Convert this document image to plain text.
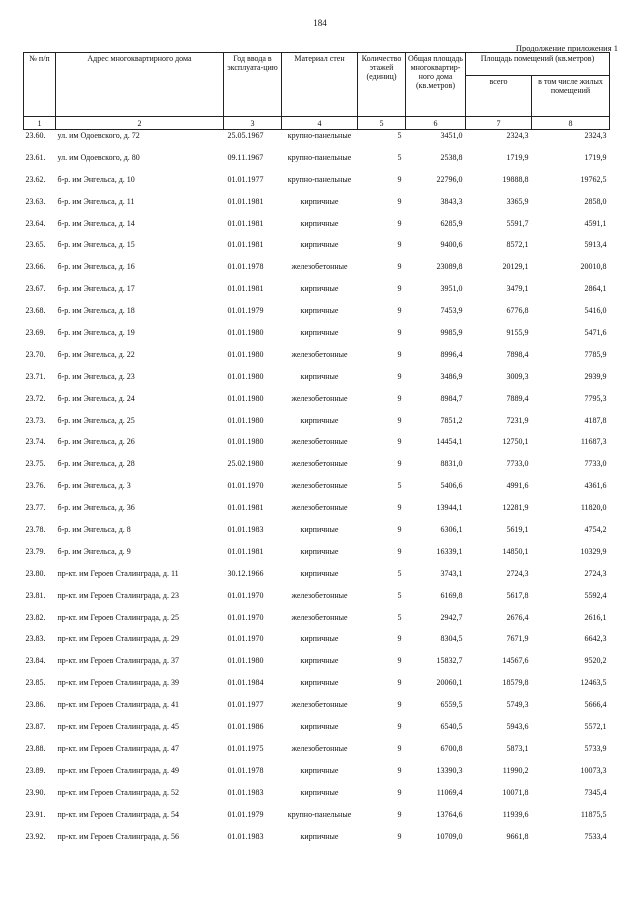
184
Продолжение приложения 1
№ п/п	Адрес многоквартирного дома	Год ввода в эксплуата-цию	Материал стен	Количество этажей (единиц)	Общая площадь многоквартир-ного дома (кв.метров)	Площадь помещений (кв.метров)	
						всего	в том числе жилых помещений
1	2	3	4	5	6	7	8
23.60.	ул. им Одоевского, д. 72	25.05.1967	крупно-панельные	5	3451,0	2324,3	2324,3
23.61.	ул. им Одоевского, д. 80	09.11.1967	крупно-панельные	5	2538,8	1719,9	1719,9
23.62.	б-р. им Энгельса, д. 10	01.01.1977	крупно-панельные	9	22796,0	19888,8	19762,5
23.63.	б-р. им Энгельса, д. 11	01.01.1981	кирпичные	9	3843,3	3365,9	2858,0
23.64.	б-р. им Энгельса, д. 14	01.01.1981	кирпичные	9	6285,9	5591,7	4591,1
23.65.	б-р. им Энгельса, д. 15	01.01.1981	кирпичные	9	9400,6	8572,1	5913,4
23.66.	б-р. им Энгельса, д. 16	01.01.1978	железобетонные	9	23089,8	20129,1	20010,8
23.67.	б-р. им Энгельса, д. 17	01.01.1981	кирпичные	9	3951,0	3479,1	2864,1
23.68.	б-р. им Энгельса, д. 18	01.01.1979	кирпичные	9	7453,9	6776,8	5416,0
23.69.	б-р. им Энгельса, д. 19	01.01.1980	кирпичные	9	9985,9	9155,9	5471,6
23.70.	б-р. им Энгельса, д. 22	01.01.1980	железобетонные	9	8996,4	7898,4	7785,9
23.71.	б-р. им Энгельса, д. 23	01.01.1980	кирпичные	9	3486,9	3009,3	2939,9
23.72.	б-р. им Энгельса, д. 24	01.01.1980	железобетонные	9	8984,7	7889,4	7795,3
23.73.	б-р. им Энгельса, д. 25	01.01.1980	кирпичные	9	7851,2	7231,9	4187,8
23.74.	б-р. им Энгельса, д. 26	01.01.1980	железобетонные	9	14454,1	12750,1	11687,3
23.75.	б-р. им Энгельса, д. 28	25.02.1980	железобетонные	9	8831,0	7733,0	7733,0
23.76.	б-р. им Энгельса, д. 3	01.01.1970	железобетонные	5	5406,6	4991,6	4361,6
23.77.	б-р. им Энгельса, д. 36	01.01.1981	железобетонные	9	13944,1	12281,9	11820,0
23.78.	б-р. им Энгельса, д. 8	01.01.1983	кирпичные	9	6306,1	5619,1	4754,2
23.79.	б-р. им Энгельса, д. 9	01.01.1981	кирпичные	9	16339,1	14850,1	10329,9
23.80.	пр-кт. им Героев Сталинграда, д. 11	30.12.1966	кирпичные	5	3743,1	2724,3	2724,3
23.81.	пр-кт. им Героев Сталинграда, д. 23	01.01.1970	железобетонные	5	6169,8	5617,8	5592,4
23.82.	пр-кт. им Героев Сталинграда, д. 25	01.01.1970	железобетонные	5	2942,7	2676,4	2616,1
23.83.	пр-кт. им Героев Сталинграда, д. 29	01.01.1970	кирпичные	9	8304,5	7671,9	6642,3
23.84.	пр-кт. им Героев Сталинграда, д. 37	01.01.1980	кирпичные	9	15832,7	14567,6	9520,2
23.85.	пр-кт. им Героев Сталинграда, д. 39	01.01.1984	кирпичные	9	20060,1	18579,8	12463,5
23.86.	пр-кт. им Героев Сталинграда, д. 41	01.01.1977	железобетонные	9	6559,5	5749,3	5666,4
23.87.	пр-кт. им Героев Сталинграда, д. 45	01.01.1986	кирпичные	9	6540,5	5943,6	5572,1
23.88.	пр-кт. им Героев Сталинграда, д. 47	01.01.1975	железобетонные	9	6700,8	5873,1	5733,9
23.89.	пр-кт. им Героев Сталинграда, д. 49	01.01.1978	кирпичные	9	13390,3	11990,2	10073,3
23.90.	пр-кт. им Героев Сталинграда, д. 52	01.01.1983	кирпичные	9	11069,4	10071,8	7345,4
23.91.	пр-кт. им Героев Сталинграда, д. 54	01.01.1979	крупно-панельные	9	13764,6	11939,6	11875,5
23.92.	пр-кт. им Героев Сталинграда, д. 56	01.01.1983	кирпичные	9	10709,0	9661,8	7533,4
